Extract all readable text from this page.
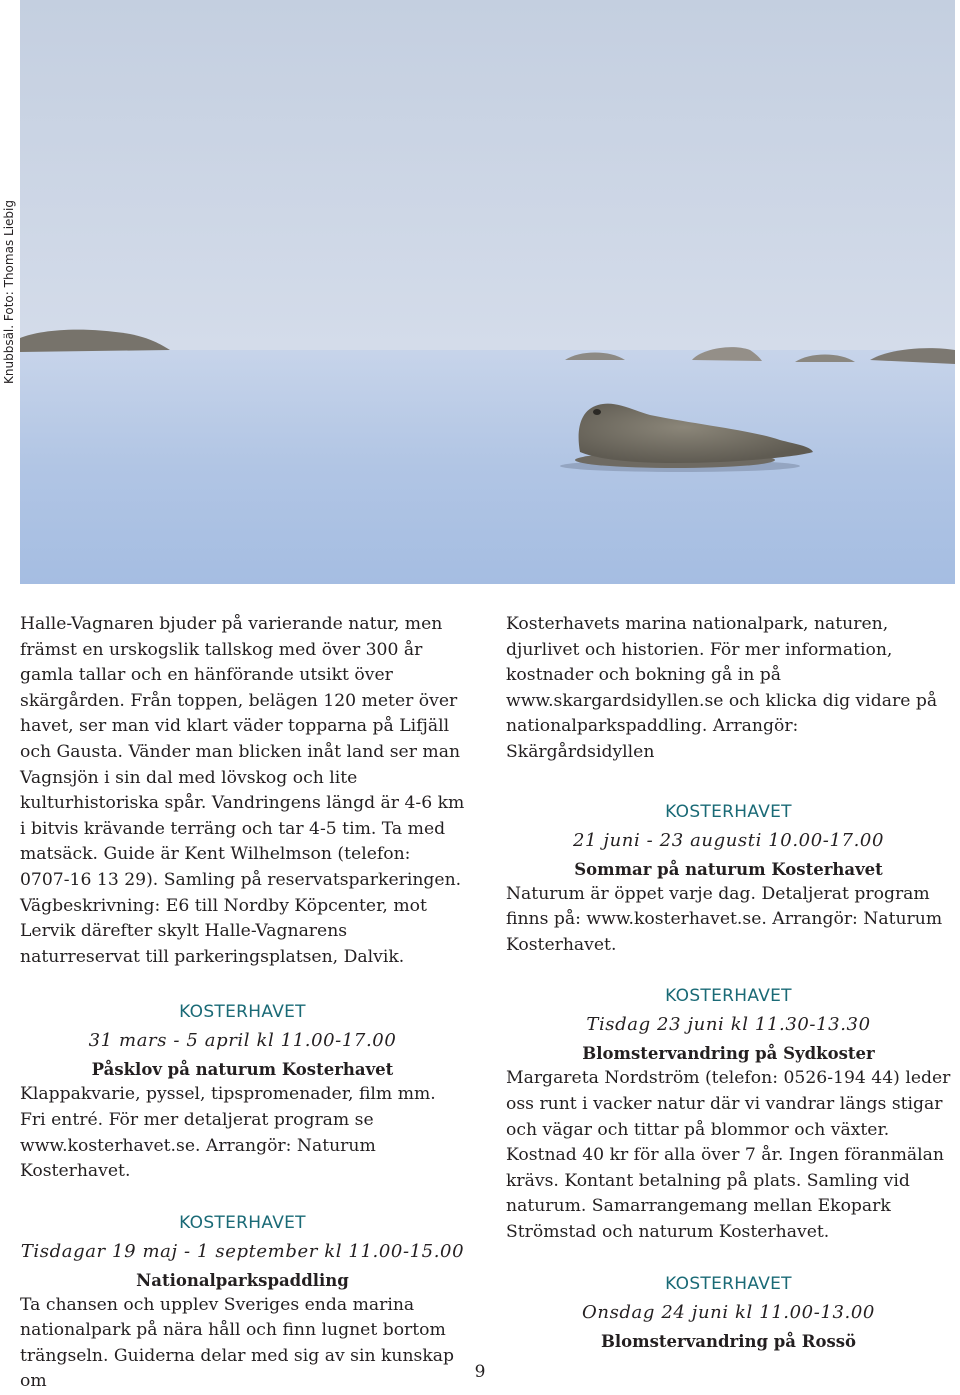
Knubbsäl. Foto: Thomas Liebig

Halle-Vagnaren bjuder på varierande natur, men främst en urskogslik tallskog med över 300 år gamla tallar och en hänförande utsikt över skärgården. Från toppen, belägen 120 meter över havet, ser man vid klart väder topparna på Lifjäll och Gausta. Vänder man blicken inåt land ser man Vagnsjön i sin dal med lövskog och lite kulturhistoriska spår. Vandringens längd är 4-6 km i bitvis krävande terräng och tar 4-5 tim. Ta med matsäck. Guide är Kent Wilhelmson (telefon: 0707-16 13 29). Samling på reservatsparkeringen. Vägbeskrivning: E6 till Nordby Köpcenter, mot Lervik därefter skylt Halle-Vagnarens naturreservat till parkeringsplatsen, Dalvik.

KOSTERHAVET
31 mars - 5 april kl 11.00-17.00
Påsklov på naturum Kosterhavet

Klappakvarie, pyssel, tipspromenader, film mm. Fri entré. För mer detaljerat program se www.kosterhavet.se. Arrangör: Naturum Kosterhavet.

KOSTERHAVET
Tisdagar 19 maj - 1 september kl 11.00-15.00
Nationalparkspaddling

Ta chansen och upplev Sveriges enda marina nationalpark på nära håll och finn lugnet bortom trängseln. Guiderna delar med sig av sin kunskap om

Kosterhavets marina nationalpark, naturen, djurlivet och historien. För mer information, kostnader och bokning gå in på www.skargardsidyllen.se och klicka dig vidare på nationalparkspaddling. Arrangör: Skärgårdsidyllen

KOSTERHAVET
21 juni - 23 augusti 10.00-17.00
Sommar på naturum Kosterhavet

Naturum är öppet varje dag. Detaljerat program finns på: www.kosterhavet.se. Arrangör: Naturum Kosterhavet.

KOSTERHAVET
Tisdag 23 juni kl 11.30-13.30
Blomstervandring på Sydkoster

Margareta Nordström (telefon: 0526-194 44) leder oss runt i vacker natur där vi vandrar längs stigar och vägar och tittar på blommor och växter. Kostnad 40 kr för alla över 7 år. Ingen föranmälan krävs. Kontant betalning på plats. Samling vid naturum. Samarrangemang mellan Ekopark Strömstad och naturum Kosterhavet.

KOSTERHAVET
Onsdag 24 juni kl 11.00-13.00
Blomstervandring på Rossö
9
